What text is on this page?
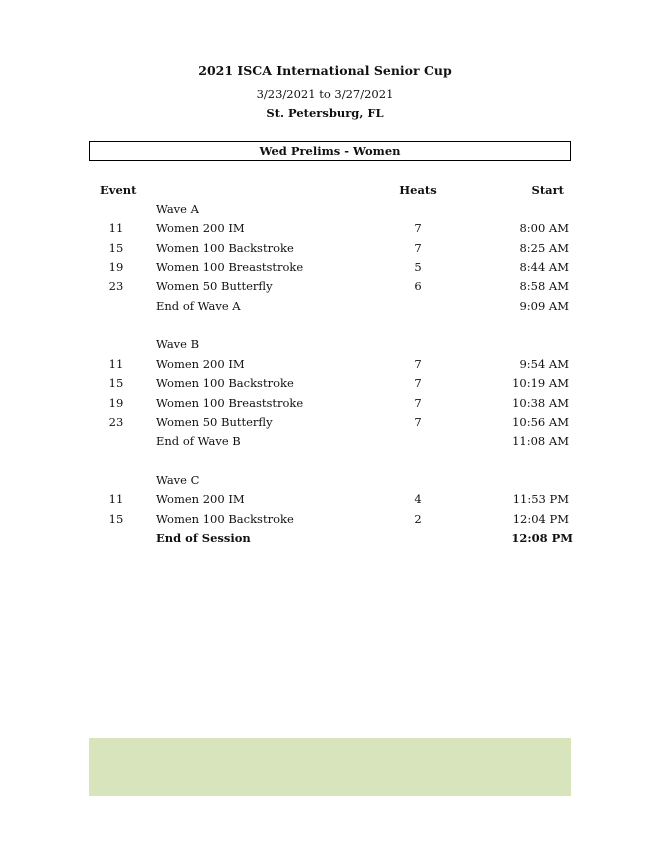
2021 ISCA International Senior Cup
3/23/2021 to 3/27/2021
St. Petersburg, FL
Wed Prelims - Women
Event	Heats	Start
Wave A
11	Women 200 IM	7	8:00 AM
15	Women 100 Backstroke	7	8:25 AM
19	Women 100 Breaststroke	5	8:44 AM
23	Women 50 Butterfly	6	8:58 AM
End of Wave A	9:09 AM
Wave B
11	Women 200 IM	7	9:54 AM
15	Women 100 Backstroke	7	10:19 AM
19	Women 100 Breaststroke	7	10:38 AM
23	Women 50 Butterfly	7	10:56 AM
End of Wave B	11:08 AM
Wave C
11	Women 200 IM	4	11:53 PM
15	Women 100 Backstroke	2	12:04 PM
End of Session	12:08 PM
